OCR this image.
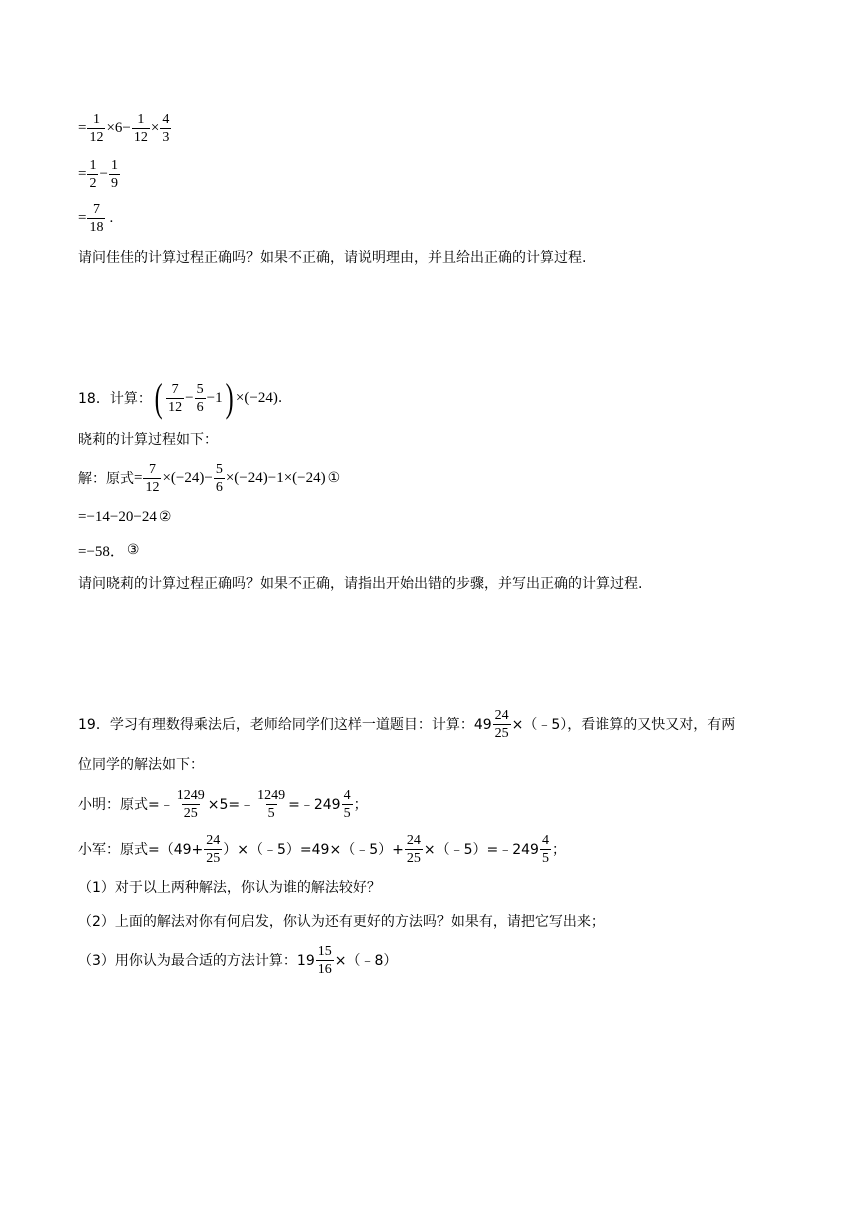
= $\frac{1}{12} \times 6- \frac{1}{12} \times \frac{4}{3}$
= $\frac{1}{2} - \frac{1}{9}$
= $\frac{7}{18}$ .
请问佳佳的计算过程正确吗？如果不正确，请说明理由，并且给出正确的计算过程.
18．计算： ( $\frac{7}{12} - \frac{5}{6} -1$ ) ×(−24) .
晓莉的计算过程如下：
解：原式 = $\frac{7}{12} \times(-24)- \frac{5}{6} \times(-24)-1\times(-24)$ ①
=−14−20−24 ②
=−58． ③
请问晓莉的计算过程正确吗？如果不正确，请指出开始出错的步骤，并写出正确的计算过程.
19．学习有理数得乘法后，老师给同学们这样一道题目：计算：$49 \frac{24}{25}$ ×（﹣5），看谁算的又快又对，有两
位同学的解法如下：
小明：原式=﹣ $\frac{1249}{25}$ ×5=﹣ $\frac{1249}{5}$ =﹣249 $\frac{4}{5}$ ；
小军：原式$=(49+ \frac{24}{25}$ ）×（﹣5）=49×（﹣5）+ $\frac{24}{25}$ ×（﹣5）=﹣249 $\frac{4}{5}$ ；
（1）对于以上两种解法，你认为谁的解法较好？
（2）上面的解法对你有何启发，你认为还有更好的方法吗？如果有，请把它写出来；
（3）用你认为最合适的方法计算：$19 \frac{15}{16}$ ×（﹣8）
